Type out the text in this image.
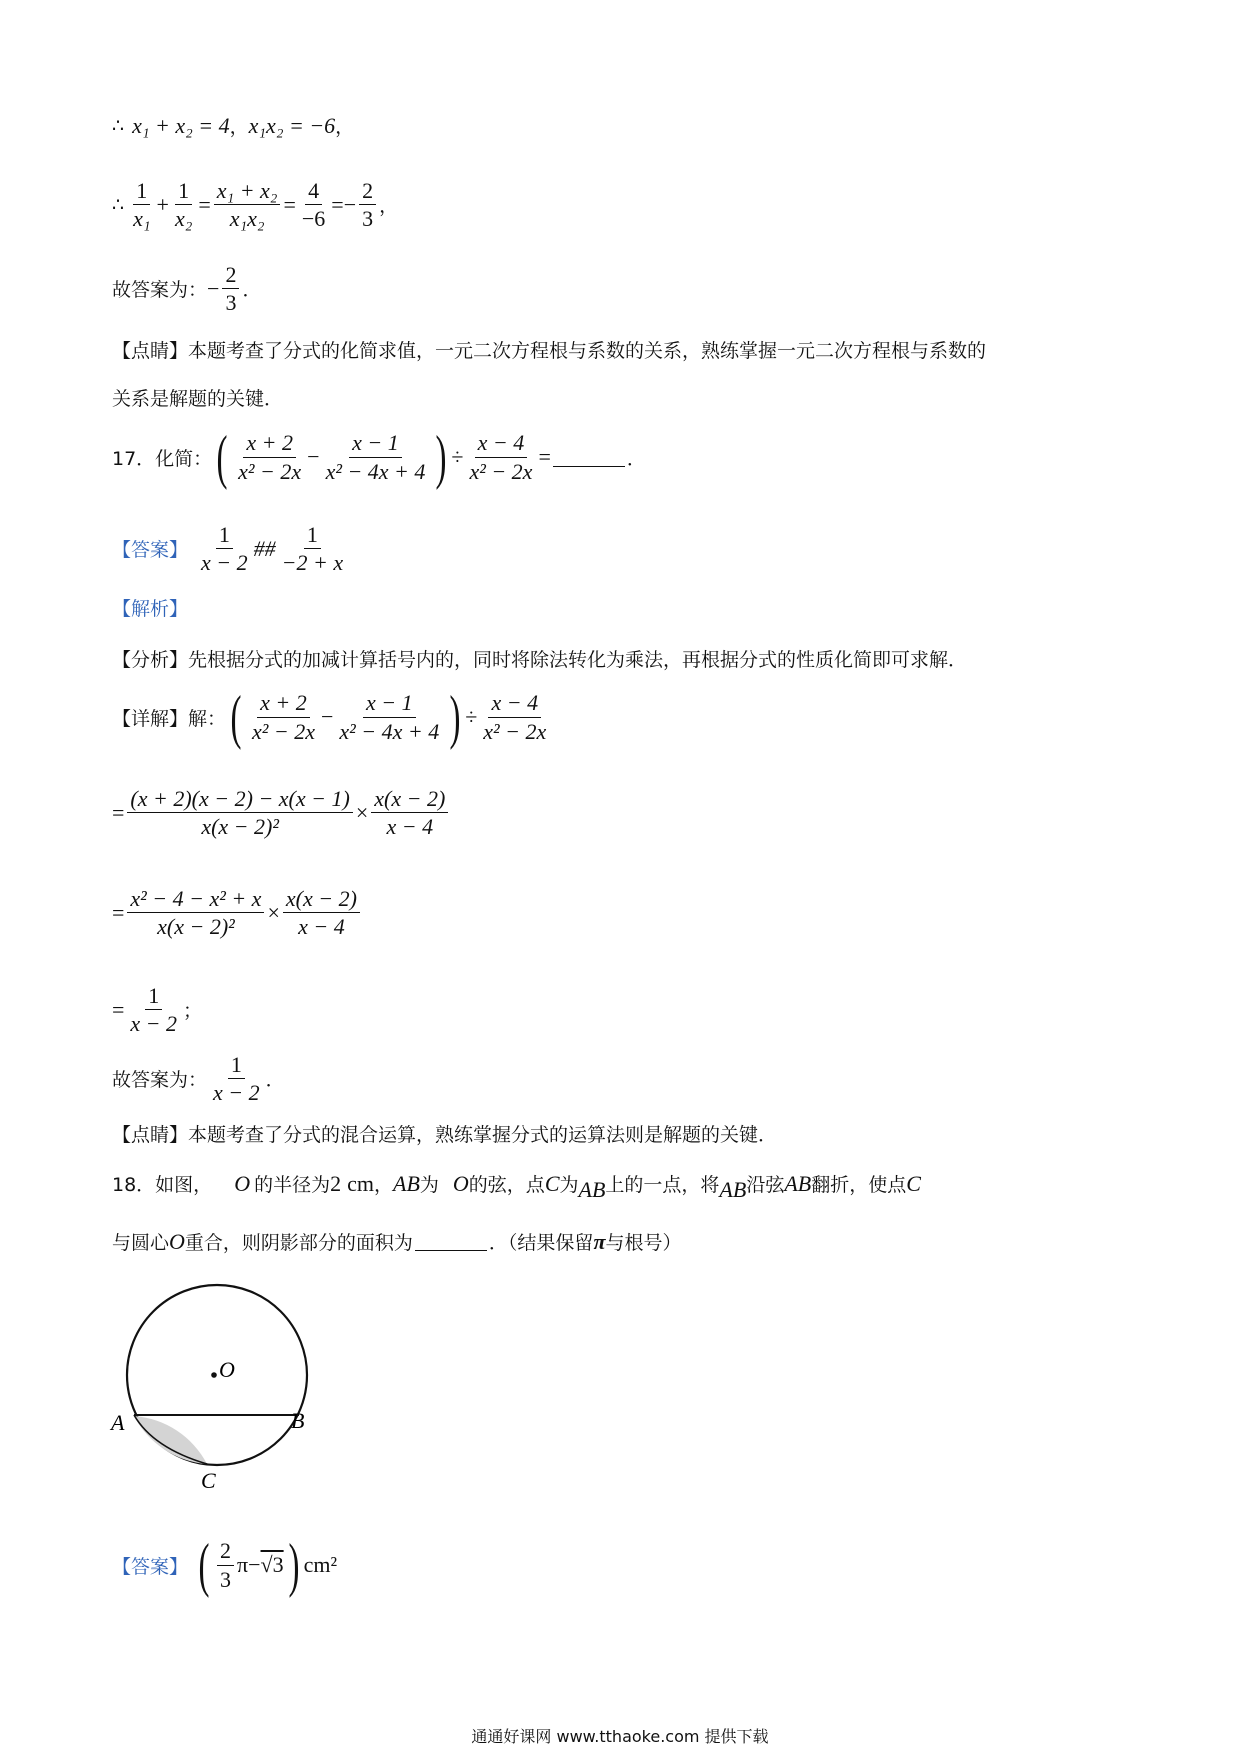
∴ x₁ + x₂ = 4 ， x₁x₂ = −6 ，
∴ $\frac{1}{\text{x₁}} + \frac{1}{\text{x₂}} = \frac{\text{x₁ + x₂}}{\text{x₁x₂}} = \frac{4}{-6}$ = − $\frac{2}{3}$ ，
故答案为： − $\frac{2}{3}$ ．
【点睛】本题考查了分式的化简求值，一元二次方程根与系数的关系，熟练掌握一元二次方程根与系数的
关系是解题的关键．
17．化简： ( $\frac{x + 2}{\text{x² − 2x}} - \frac{x - 1}{\text{x² − 4x + 4}}$ ) ÷ $\frac{x - 4}{\text{x² − 2x}}$ =	．
【答案】 $\frac{1}{x - 2}$ ## $\frac{1}{-2 + x}$
【解析】
【分析】先根据分式的加减计算括号内的，同时将除法转化为乘法，再根据分式的性质化简即可求解．
【详解】解： ( $\frac{x + 2}{\text{x² − 2x}} - \frac{x - 1}{\text{x² − 4x + 4}}$ ) ÷ $\frac{x - 4}{\text{x² − 2x}}$
= $\frac{(x + 2)(x - 2) - x(x - 1)}{\text{x(x − 2)²}} \times \frac{x(x - 2)}{x - 4}$
= $\frac{\text{x² − 4 − x² + x}}{\text{x(x − 2)²}} \times \frac{x(x - 2)}{x - 4}$
= $\frac{1}{x - 2}$ ；
故答案为： $\frac{1}{x - 2}$ ．
【点睛】本题考查了分式的混合运算，熟练掌握分式的运算法则是解题的关键．
18．如图， O 的半径为 2 cm ， AB 为 O 的弦，点 C 为 AB 上的一点，将 AB 沿弦 AB 翻折，使点 C
与圆心 O 重合，则阴影部分的面积为	．（结果保留 π 与根号）
O
A	B
C
【答案】 ( $\frac{2}{3}$ π − √3 ) cm²
通通好课网 www.tthaoke.com 提供下载
